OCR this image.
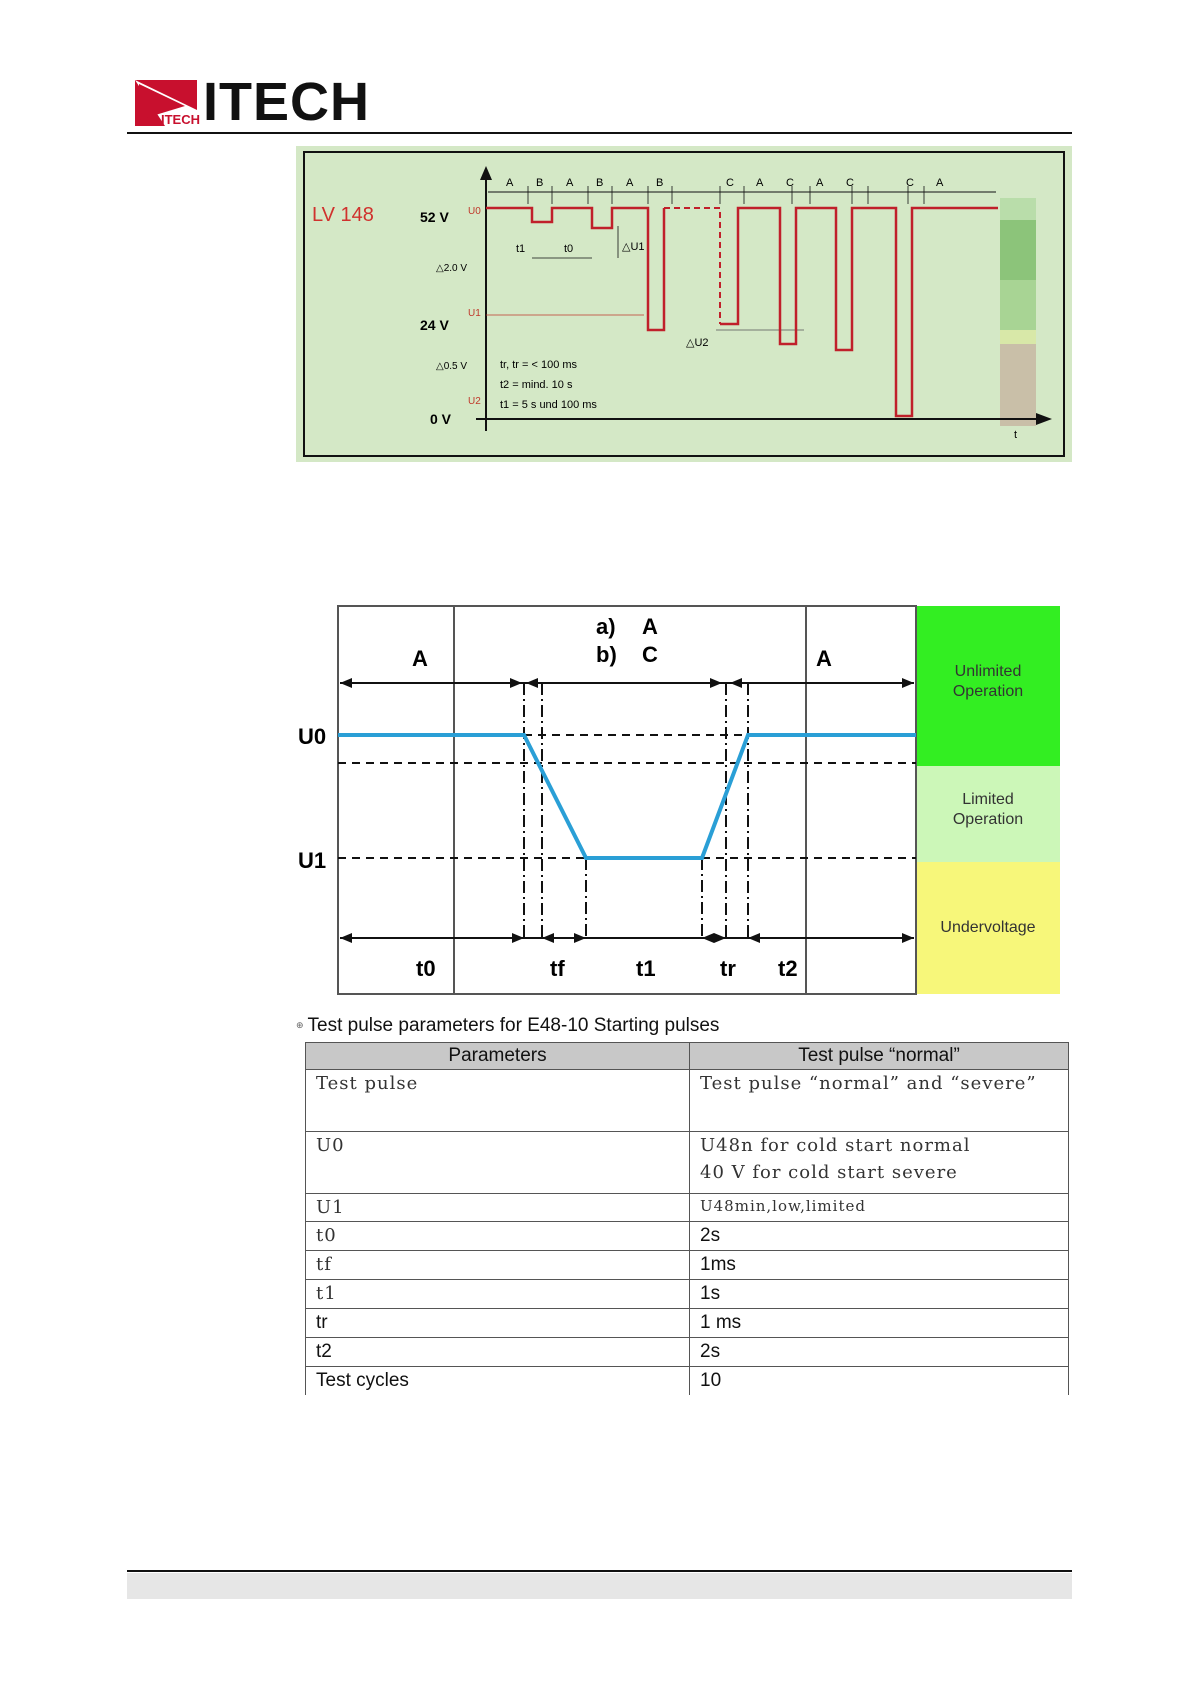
ITECH ITECH
LV 148	52 V
24 V
0 V
△2.0 V
△0.5 V
U0
U1
U2
A B A B A B	C A C A C	C A
t1	t0	△U1
△U2
tr, tr = < 100 ms
t2 = mind. 10 s
t1 = 5 s und 100 ms
t
Unlimited Operation
Limited Operation
Undervoltage
A
a) A
b) C	A
U0
U1
t0	tf	t1	tr t2
⊕ Test pulse parameters for E48-10 Starting pulses
Parameters	Test pulse “normal”
Test pulse	Test pulse “normal” and “severe”
U0	U48n for cold start normal
40 V for cold start severe

U1	U48min,low,limited
t0	2s
tf	1ms
t1	1s
tr	1 ms
t2	2s
Test cycles	10
